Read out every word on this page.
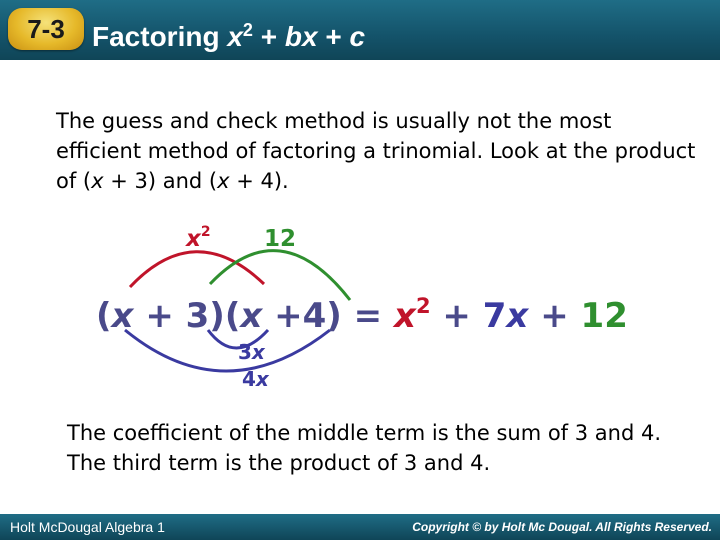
7-3 Factoring $x^2$ + bx + c
The guess and check method is usually not the most efficient method of factoring a trinomial. Look at the product of (x + 3) and (x + 4).
$x^2$ 12
$(x + 3)(x +4) = x^2 + 7x + 12$
3x
4x
The coefficient of the middle term is the sum of 3 and 4. The third term is the product of 3 and 4.
Holt McDougal Algebra 1	Copyright © by Holt Mc Dougal. All Rights Reserved.
